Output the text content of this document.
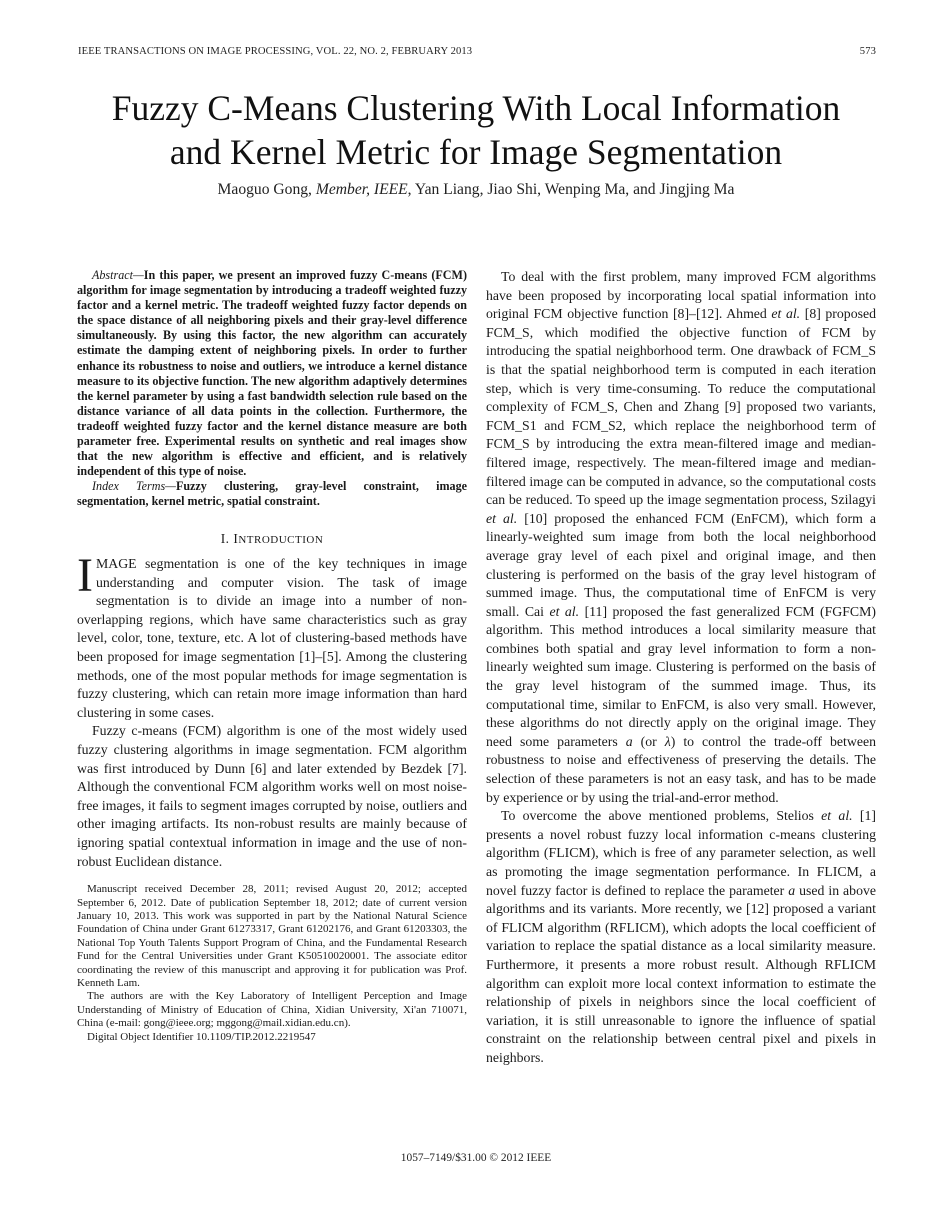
IEEE TRANSACTIONS ON IMAGE PROCESSING, VOL. 22, NO. 2, FEBRUARY 2013	573
Fuzzy C-Means Clustering With Local Information
and Kernel Metric for Image Segmentation
Maoguo Gong, Member, IEEE, Yan Liang, Jiao Shi, Wenping Ma, and Jingjing Ma

Abstract—In this paper, we present an improved fuzzy C-means (FCM) algorithm for image segmentation by introducing a tradeoff weighted fuzzy factor and a kernel metric. The tradeoff weighted fuzzy factor depends on the space distance of all neighboring pixels and their gray-level difference simultaneously. By using this factor, the new algorithm can accurately estimate the damping extent of neighboring pixels. In order to further enhance its robustness to noise and outliers, we introduce a kernel distance measure to its objective function. The new algorithm adaptively determines the kernel parameter by using a fast bandwidth selection rule based on the distance variance of all data points in the collection. Furthermore, the tradeoff weighted fuzzy factor and the kernel distance measure are both parameter free. Experimental results on synthetic and real images show that the new algorithm is effective and efficient, and is relatively independent of this type of noise.

Index Terms—Fuzzy clustering, gray-level constraint, image segmentation, kernel metric, spatial constraint.

I. INTRODUCTION

IMAGE segmentation is one of the key techniques in image understanding and computer vision. The task of image segmentation is to divide an image into a number of non-overlapping regions, which have same characteristics such as gray level, color, tone, texture, etc. A lot of clustering-based methods have been proposed for image segmentation [1]–[5]. Among the clustering methods, one of the most popular methods for image segmentation is fuzzy clustering, which can retain more image information than hard clustering in some cases.

Fuzzy c-means (FCM) algorithm is one of the most widely used fuzzy clustering algorithms in image segmentation. FCM algorithm was first introduced by Dunn [6] and later extended by Bezdek [7]. Although the conventional FCM algorithm works well on most noise-free images, it fails to segment images corrupted by noise, outliers and other imaging artifacts. Its non-robust results are mainly because of ignoring spatial contextual information in image and the use of non-robust Euclidean distance.

Manuscript received December 28, 2011; revised August 20, 2012; accepted September 6, 2012. Date of publication September 18, 2012; date of current version January 10, 2013. This work was supported in part by the National Natural Science Foundation of China under Grant 61273317, Grant 61202176, and Grant 61203303, the National Top Youth Talents Support Program of China, and the Fundamental Research Fund for the Central Universities under Grant K50510020001. The associate editor coordinating the review of this manuscript and approving it for publication was Prof. Kenneth Lam.

The authors are with the Key Laboratory of Intelligent Perception and Image Understanding of Ministry of Education of China, Xidian University, Xi'an 710071, China (e-mail: gong@ieee.org; mggong@mail.xidian.edu.cn).

Digital Object Identifier 10.1109/TIP.2012.2219547

To deal with the first problem, many improved FCM algorithms have been proposed by incorporating local spatial information into original FCM objective function [8]–[12]. Ahmed et al. [8] proposed FCM_S, which modified the objective function of FCM by introducing the spatial neighborhood term. One drawback of FCM_S is that the spatial neighborhood term is computed in each iteration step, which is very time-consuming. To reduce the computational complexity of FCM_S, Chen and Zhang [9] proposed two variants, FCM_S1 and FCM_S2, which replace the neighborhood term of FCM_S by introducing the extra mean-filtered image and median-filtered image, respectively. The mean-filtered image and median-filtered image can be computed in advance, so the computational costs can be reduced. To speed up the image segmentation process, Szilagyi et al. [10] proposed the enhanced FCM (EnFCM), which form a linearly-weighted sum image from both the local neighborhood average gray level of each pixel and original image, and then clustering is performed on the basis of the gray level histogram of summed image. Thus, the computational time of EnFCM is very small. Cai et al. [11] proposed the fast generalized FCM (FGFCM) algorithm. This method introduces a local similarity measure that combines both spatial and gray level information to form a non-linearly weighted sum image. Clustering is performed on the basis of the gray level histogram of the summed image. Thus, its computational time, similar to EnFCM, is also very small. However, these algorithms do not directly apply on the original image. They need some parameters a (or λ) to control the trade-off between robustness to noise and effectiveness of preserving the details. The selection of these parameters is not an easy task, and has to be made by experience or by using the trial-and-error method.

To overcome the above mentioned problems, Stelios et al. [1] presents a novel robust fuzzy local information c-means clustering algorithm (FLICM), which is free of any parameter selection, as well as promoting the image segmentation performance. In FLICM, a novel fuzzy factor is defined to replace the parameter a used in above algorithms and its variants. More recently, we [12] proposed a variant of FLICM algorithm (RFLICM), which adopts the local coefficient of variation to replace the spatial distance as a local similarity measure. Furthermore, it presents a more robust result. Although RFLICM algorithm can exploit more local context information to estimate the relationship of pixels in neighbors since the local coefficient of variation, it is still unreasonable to ignore the influence of spatial constraint on the relationship between central pixel and pixels in neighbors.

1057–7149/$31.00 © 2012 IEEE
